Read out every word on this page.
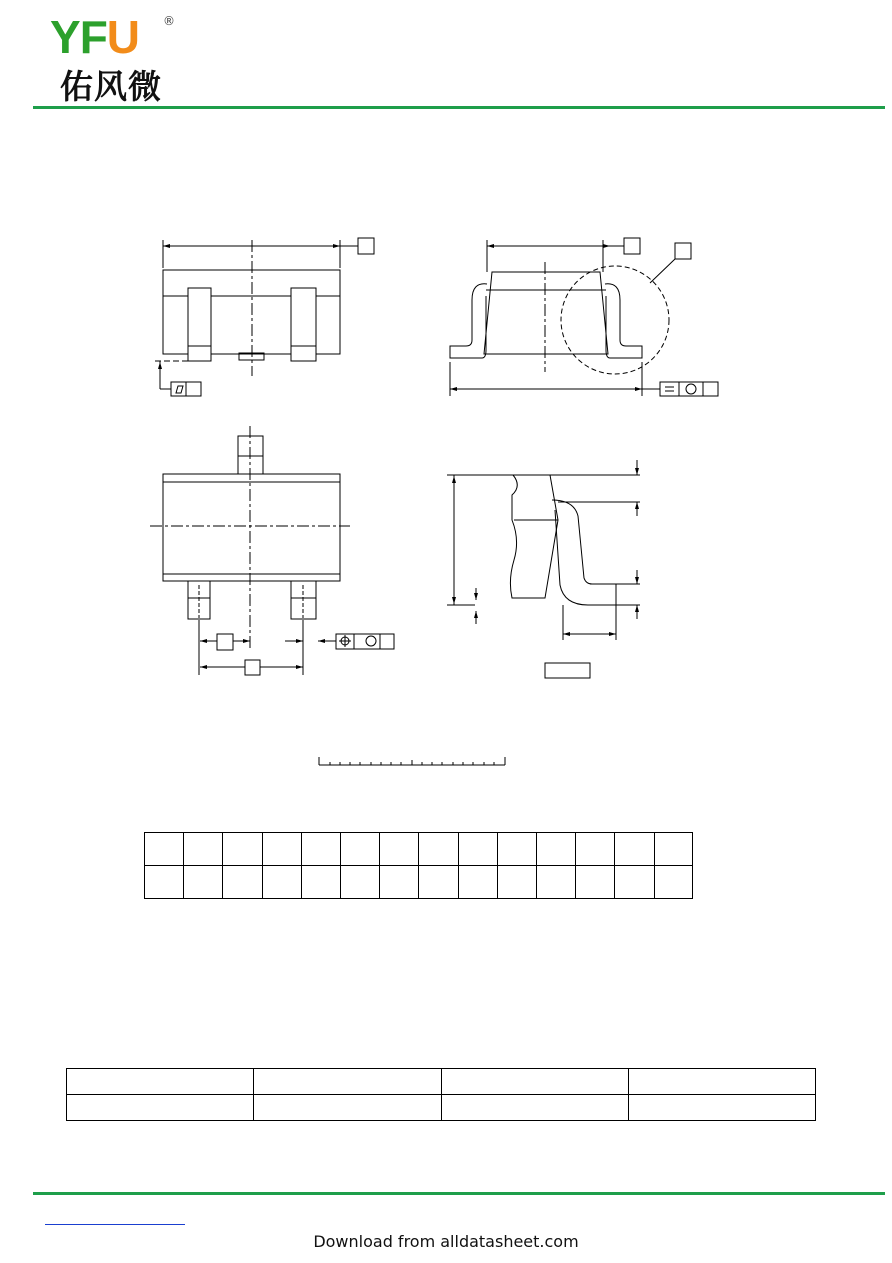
YFU ®
佑风微

Download from alldatasheet.com
